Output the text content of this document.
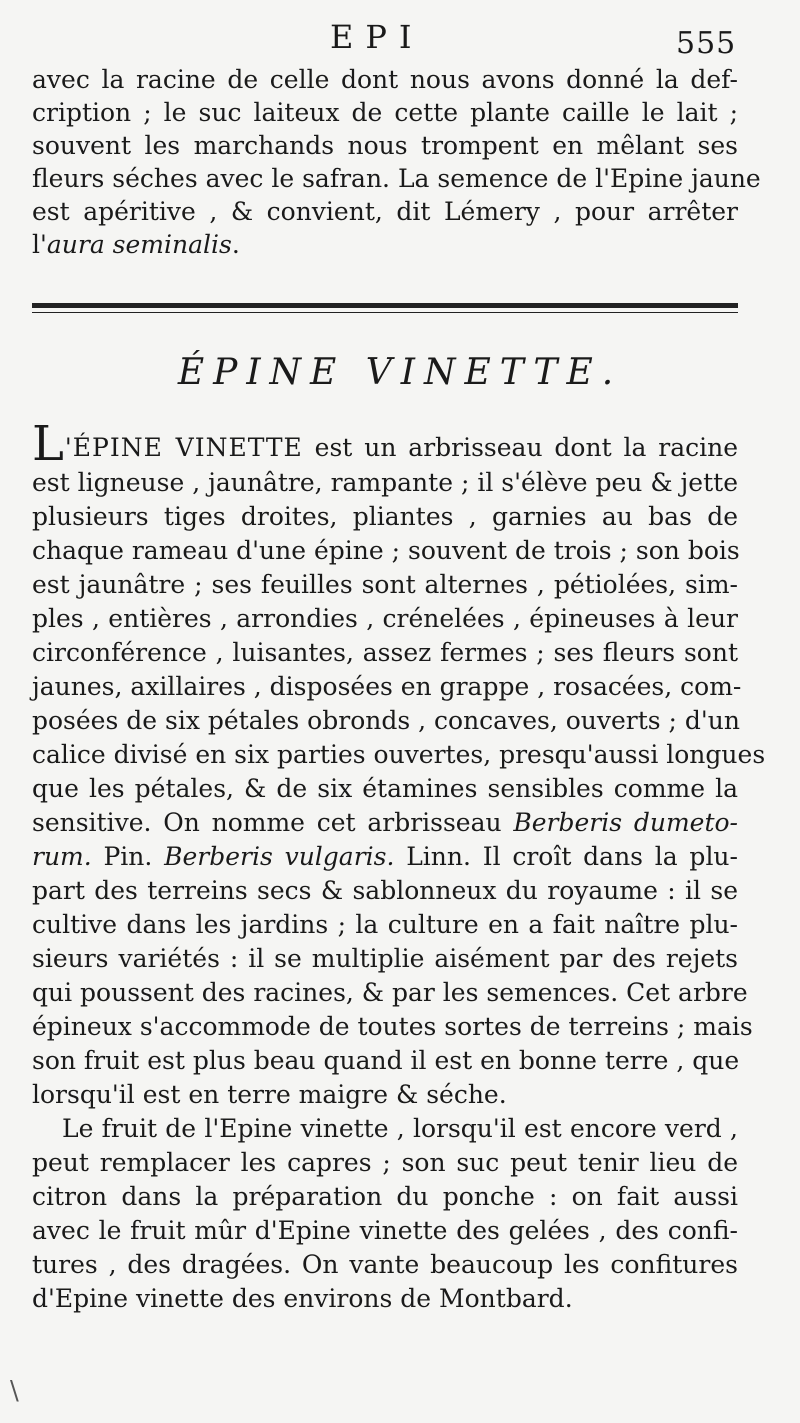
EPI	555
avec la racine de celle dont nous avons donné la def-
cription ; le suc laiteux de cette plante caille le lait ;
souvent les marchands nous trompent en mêlant ses
fleurs séches avec le safran. La semence de l'Epine jaune
est apéritive , & convient, dit Lémery , pour arrêter
l'aura seminalis.
ÉPINE VINETTE.
L'ÉPINE VINETTE est un arbrisseau dont la racine
est ligneuse , jaunâtre, rampante ; il s'élève peu & jette
plusieurs tiges droites, pliantes , garnies au bas de
chaque rameau d'une épine ; souvent de trois ; son bois
est jaunâtre ; ses feuilles sont alternes , pétiolées, sim-
ples , entières , arrondies , crénelées , épineuses à leur
circonférence , luisantes, assez fermes ; ses fleurs sont
jaunes, axillaires , disposées en grappe , rosacées, com-
posées de six pétales obronds , concaves, ouverts ; d'un
calice divisé en six parties ouvertes, presqu'aussi longues
que les pétales, & de six étamines sensibles comme la
sensitive. On nomme cet arbrisseau Berberis dumeto-
rum. Pin. Berberis vulgaris. Linn. Il croît dans la plu-
part des terreins secs & sablonneux du royaume : il se
cultive dans les jardins ; la culture en a fait naître plu-
sieurs variétés : il se multiplie aisément par des rejets
qui poussent des racines, & par les semences. Cet arbre
épineux s'accommode de toutes sortes de terreins ; mais
son fruit est plus beau quand il est en bonne terre , que
lorsqu'il est en terre maigre & séche.
Le fruit de l'Epine vinette , lorsqu'il est encore verd ,
peut remplacer les capres ; son suc peut tenir lieu de
citron dans la préparation du ponche : on fait aussi
avec le fruit mûr d'Epine vinette des gelées , des confi-
tures , des dragées. On vante beaucoup les confitures
d'Epine vinette des environs de Montbard.
\
